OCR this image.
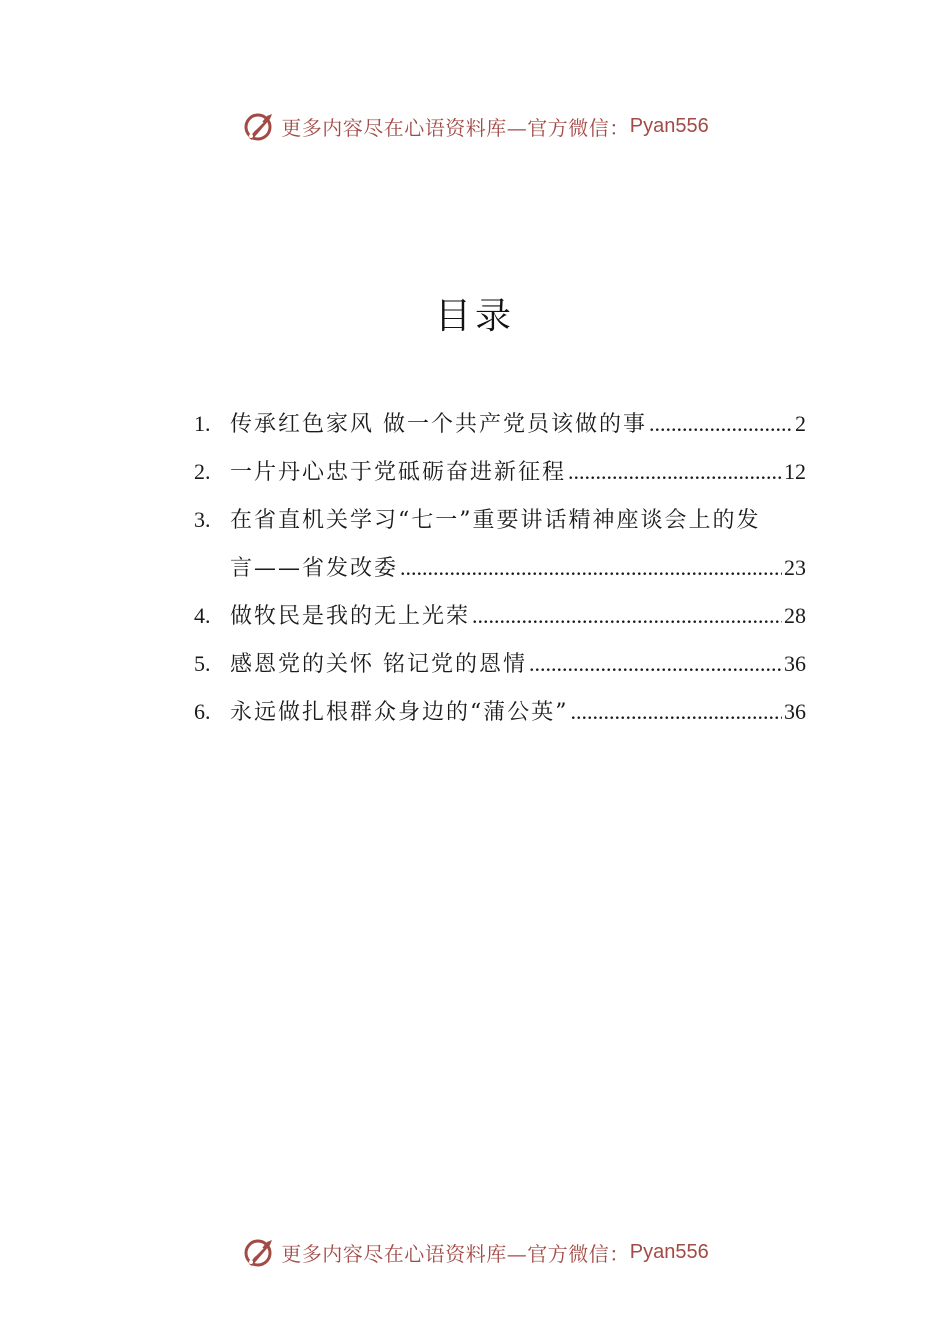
更多内容尽在心语资料库—官方微信： Pyan556
目录
1. 传承红色家风 做一个共产党员该做的事 .....	2
2. 一片丹心忠于党砥砺奋进新征程 .....	12
3. 在省直机关学习“七一”重要讲话精神座谈会上的发
言——省发改委 .....	23
4. 做牧民是我的无上光荣 .....	28
5. 感恩党的关怀 铭记党的恩情 .....	36
6. 永远做扎根群众身边的“蒲公英” .....	36
更多内容尽在心语资料库—官方微信： Pyan556
